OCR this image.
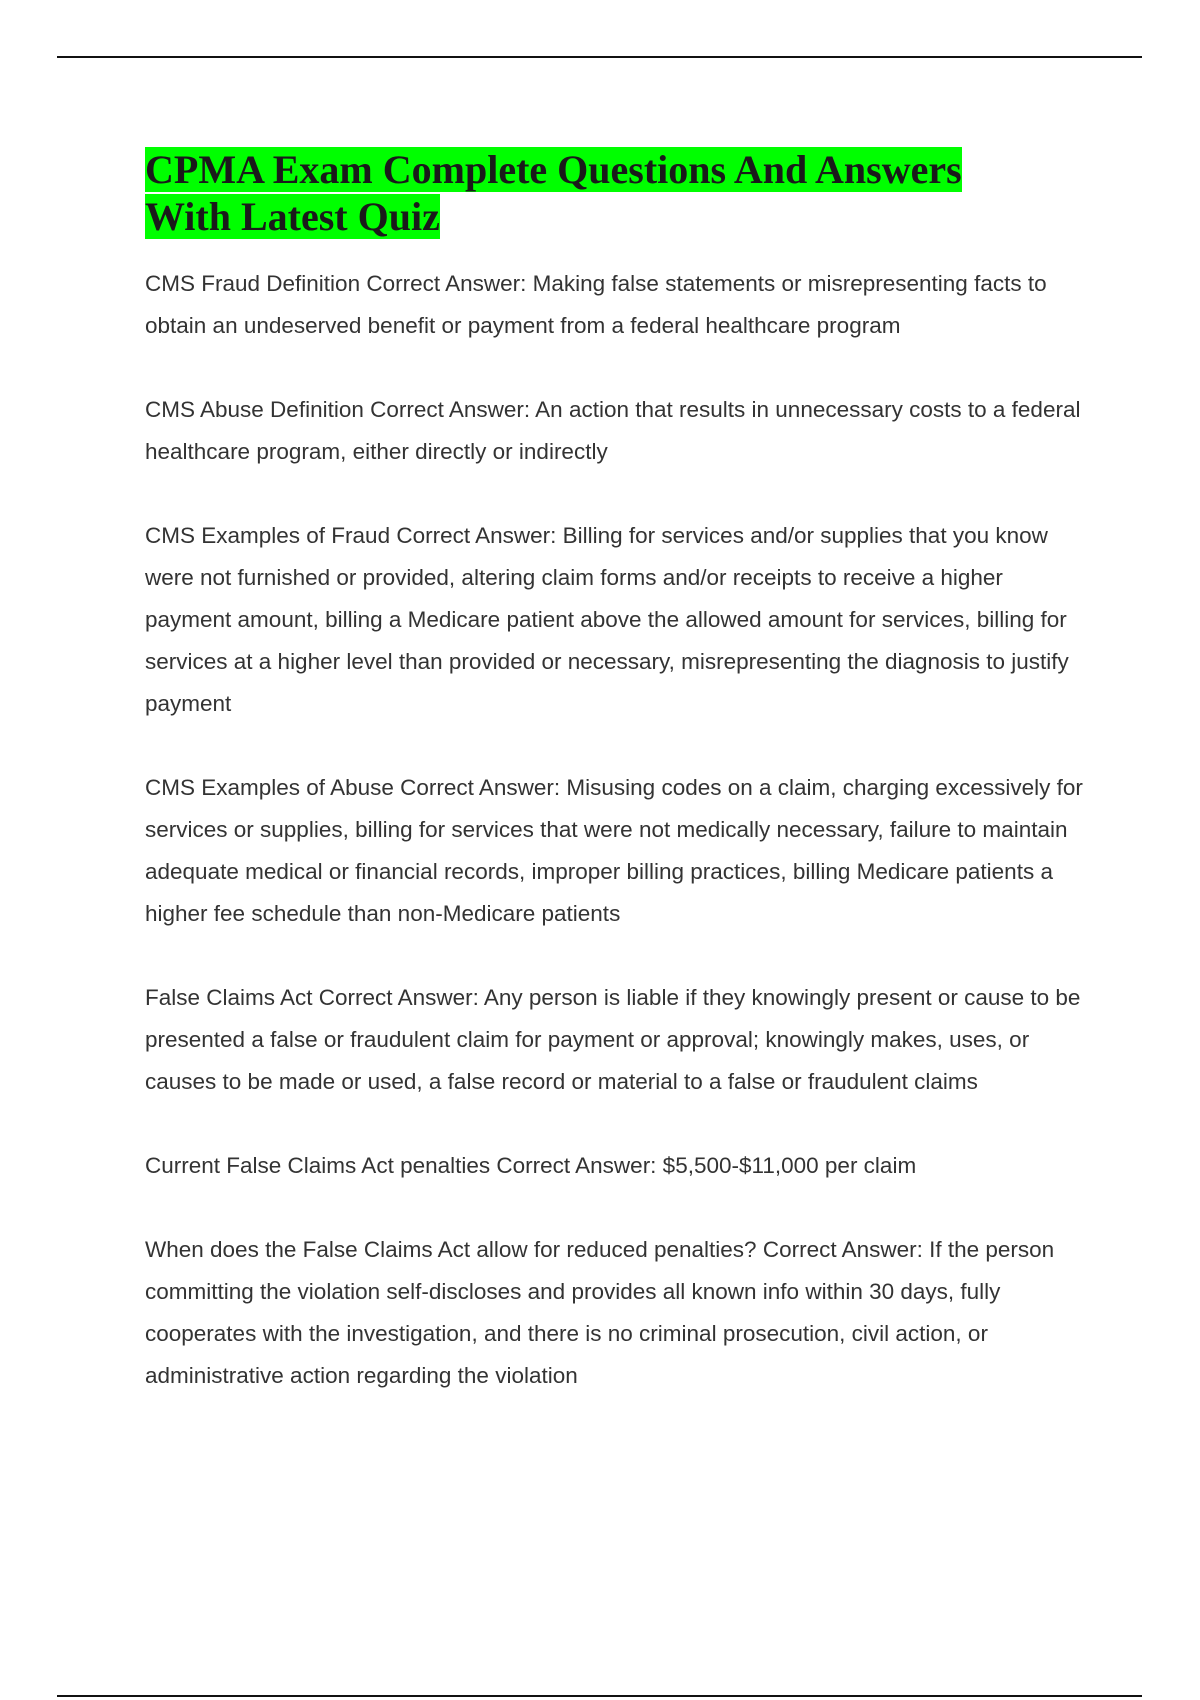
CPMA Exam Complete Questions And Answers With Latest Quiz

CMS Fraud Definition Correct Answer: Making false statements or misrepresenting facts to obtain an undeserved benefit or payment from a federal healthcare program

CMS Abuse Definition Correct Answer: An action that results in unnecessary costs to a federal healthcare program, either directly or indirectly

CMS Examples of Fraud Correct Answer: Billing for services and/or supplies that you know were not furnished or provided, altering claim forms and/or receipts to receive a higher payment amount, billing a Medicare patient above the allowed amount for services, billing for services at a higher level than provided or necessary, misrepresenting the diagnosis to justify payment

CMS Examples of Abuse Correct Answer: Misusing codes on a claim, charging excessively for services or supplies, billing for services that were not medically necessary, failure to maintain adequate medical or financial records, improper billing practices, billing Medicare patients a higher fee schedule than non-Medicare patients

False Claims Act Correct Answer: Any person is liable if they knowingly present or cause to be presented a false or fraudulent claim for payment or approval; knowingly makes, uses, or causes to be made or used, a false record or material to a false or fraudulent claims

Current False Claims Act penalties Correct Answer: $5,500-$11,000 per claim

When does the False Claims Act allow for reduced penalties? Correct Answer: If the person committing the violation self-discloses and provides all known info within 30 days, fully cooperates with the investigation, and there is no criminal prosecution, civil action, or administrative action regarding the violation
